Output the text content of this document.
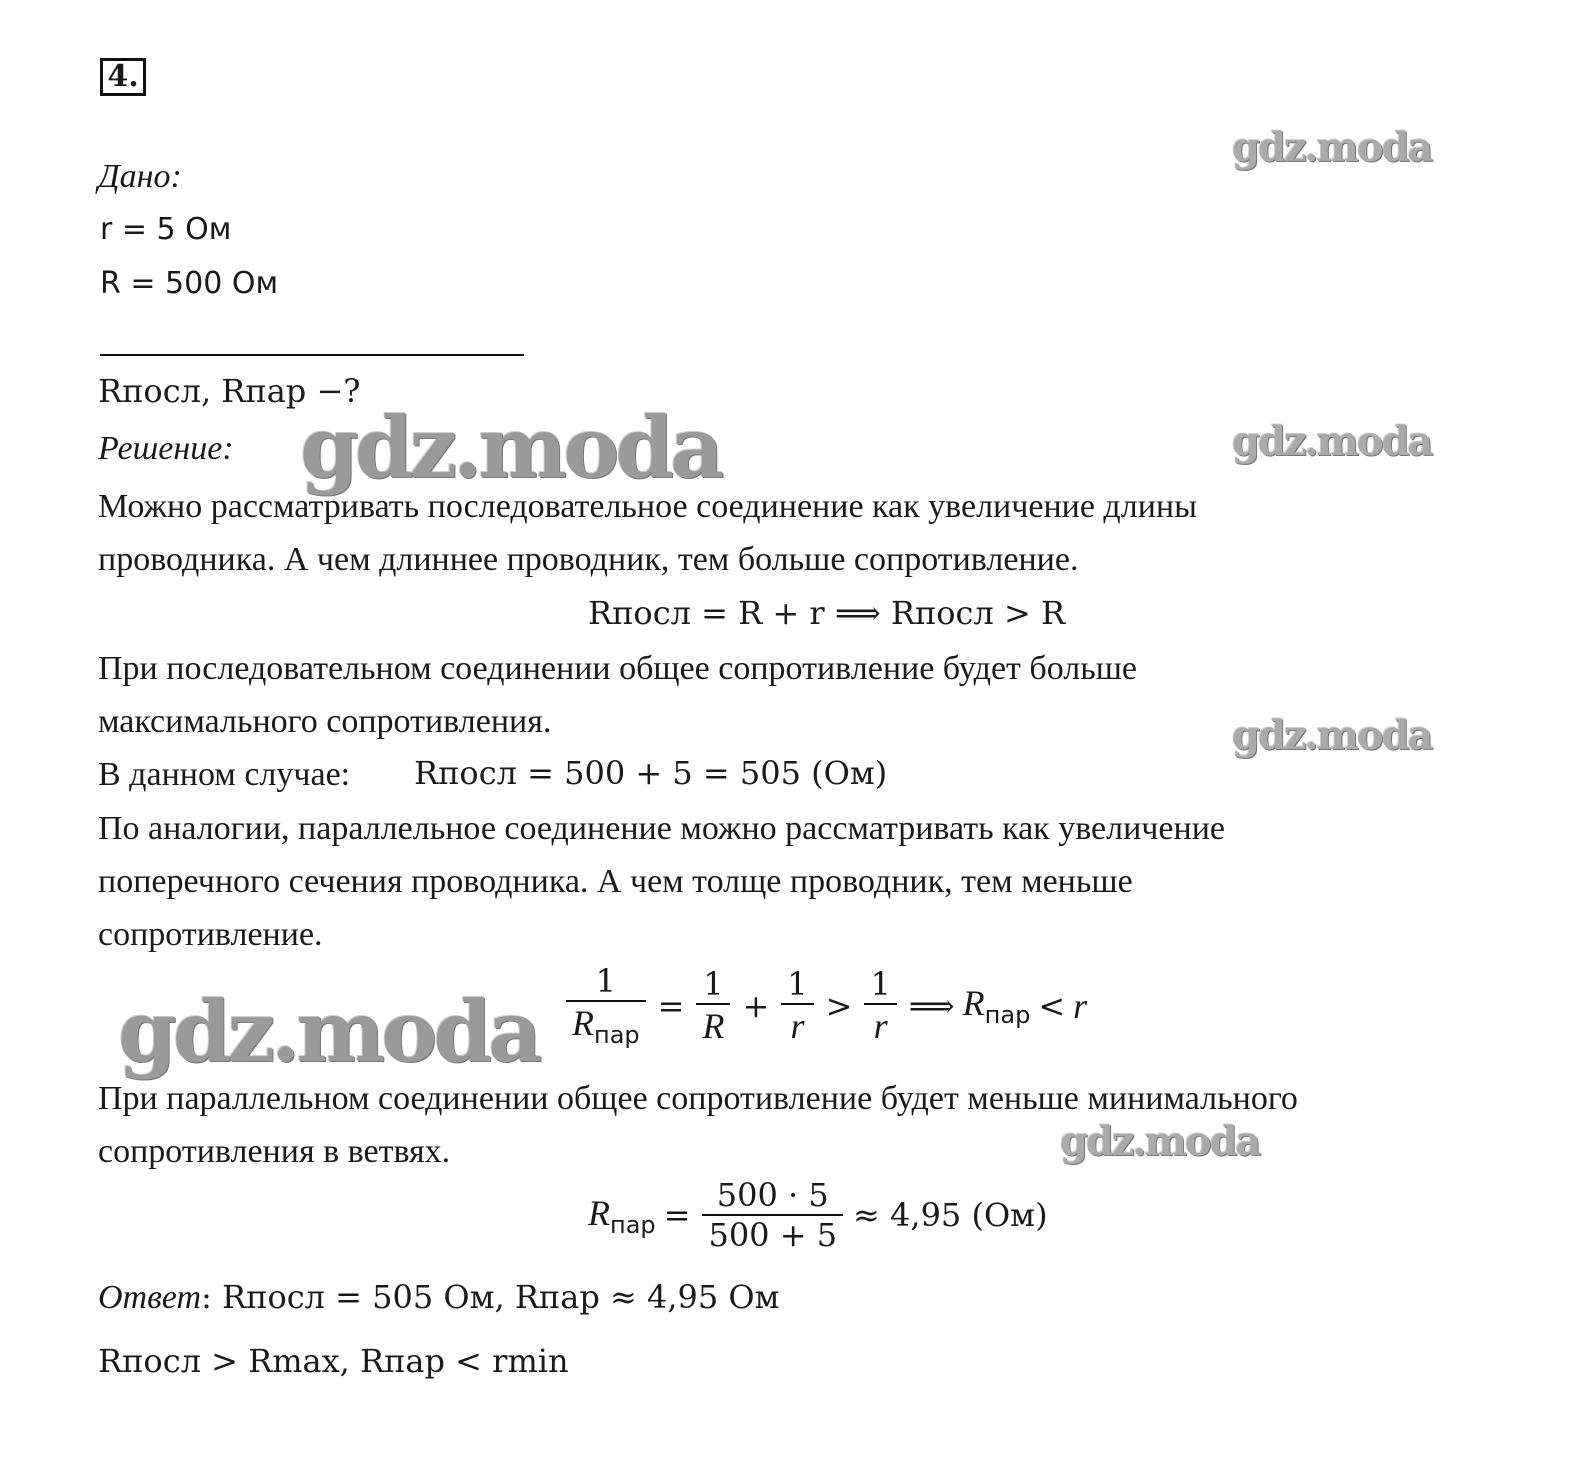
4.
gdz.moda
gdz.moda
gdz.moda
gdz.moda
gdz.moda
gdz.moda
Дано:
r = 5 Ом
R = 500 Ом
Rпосл, Rпар −?
Решение:
Можно рассматривать последовательное соединение как увеличение длины
проводника. А чем длиннее проводник, тем больше сопротивление.
Rпосл = R + r ⟹ Rпосл > R
При последовательном соединении общее сопротивление будет больше
максимального сопротивления.
В данном случае: Rпосл = 500 + 5 = 505 (Ом)
По аналогии, параллельное соединение можно рассматривать как увеличение
поперечного сечения проводника. А чем толще проводник, тем меньше
сопротивление.
$\frac{1}{R_{пар}} = \frac{1}{R} + \frac{1}{r} > \frac{1}{r}$ ⟹ $R_{пар} < r$
При параллельном соединении общее сопротивление будет меньше минимального
сопротивления в ветвях.
$R_{пар} = \frac{500 \cdot 5}{500 + 5} \approx 4,95$ (Ом)
Ответ : Rпосл = 505 Ом, Rпар ≈ 4,95 Ом
Rпосл > Rmax, Rпар < rmin
